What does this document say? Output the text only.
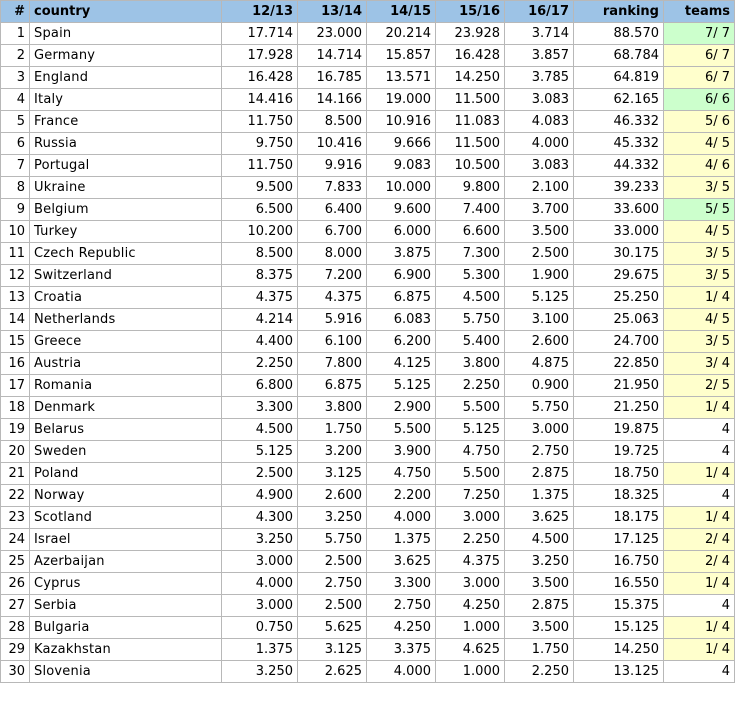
#	country	12/13	13/14	14/15	15/16	16/17	ranking	teams
1	Spain	17.714	23.000	20.214	23.928	3.714	88.570	7/ 7
2	Germany	17.928	14.714	15.857	16.428	3.857	68.784	6/ 7
3	England	16.428	16.785	13.571	14.250	3.785	64.819	6/ 7
4	Italy	14.416	14.166	19.000	11.500	3.083	62.165	6/ 6
5	France	11.750	8.500	10.916	11.083	4.083	46.332	5/ 6
6	Russia	9.750	10.416	9.666	11.500	4.000	45.332	4/ 5
7	Portugal	11.750	9.916	9.083	10.500	3.083	44.332	4/ 6
8	Ukraine	9.500	7.833	10.000	9.800	2.100	39.233	3/ 5
9	Belgium	6.500	6.400	9.600	7.400	3.700	33.600	5/ 5
10	Turkey	10.200	6.700	6.000	6.600	3.500	33.000	4/ 5
11	Czech Republic	8.500	8.000	3.875	7.300	2.500	30.175	3/ 5
12	Switzerland	8.375	7.200	6.900	5.300	1.900	29.675	3/ 5
13	Croatia	4.375	4.375	6.875	4.500	5.125	25.250	1/ 4
14	Netherlands	4.214	5.916	6.083	5.750	3.100	25.063	4/ 5
15	Greece	4.400	6.100	6.200	5.400	2.600	24.700	3/ 5
16	Austria	2.250	7.800	4.125	3.800	4.875	22.850	3/ 4
17	Romania	6.800	6.875	5.125	2.250	0.900	21.950	2/ 5
18	Denmark	3.300	3.800	2.900	5.500	5.750	21.250	1/ 4
19	Belarus	4.500	1.750	5.500	5.125	3.000	19.875	4
20	Sweden	5.125	3.200	3.900	4.750	2.750	19.725	4
21	Poland	2.500	3.125	4.750	5.500	2.875	18.750	1/ 4
22	Norway	4.900	2.600	2.200	7.250	1.375	18.325	4
23	Scotland	4.300	3.250	4.000	3.000	3.625	18.175	1/ 4
24	Israel	3.250	5.750	1.375	2.250	4.500	17.125	2/ 4
25	Azerbaijan	3.000	2.500	3.625	4.375	3.250	16.750	2/ 4
26	Cyprus	4.000	2.750	3.300	3.000	3.500	16.550	1/ 4
27	Serbia	3.000	2.500	2.750	4.250	2.875	15.375	4
28	Bulgaria	0.750	5.625	4.250	1.000	3.500	15.125	1/ 4
29	Kazakhstan	1.375	3.125	3.375	4.625	1.750	14.250	1/ 4
30	Slovenia	3.250	2.625	4.000	1.000	2.250	13.125	4
